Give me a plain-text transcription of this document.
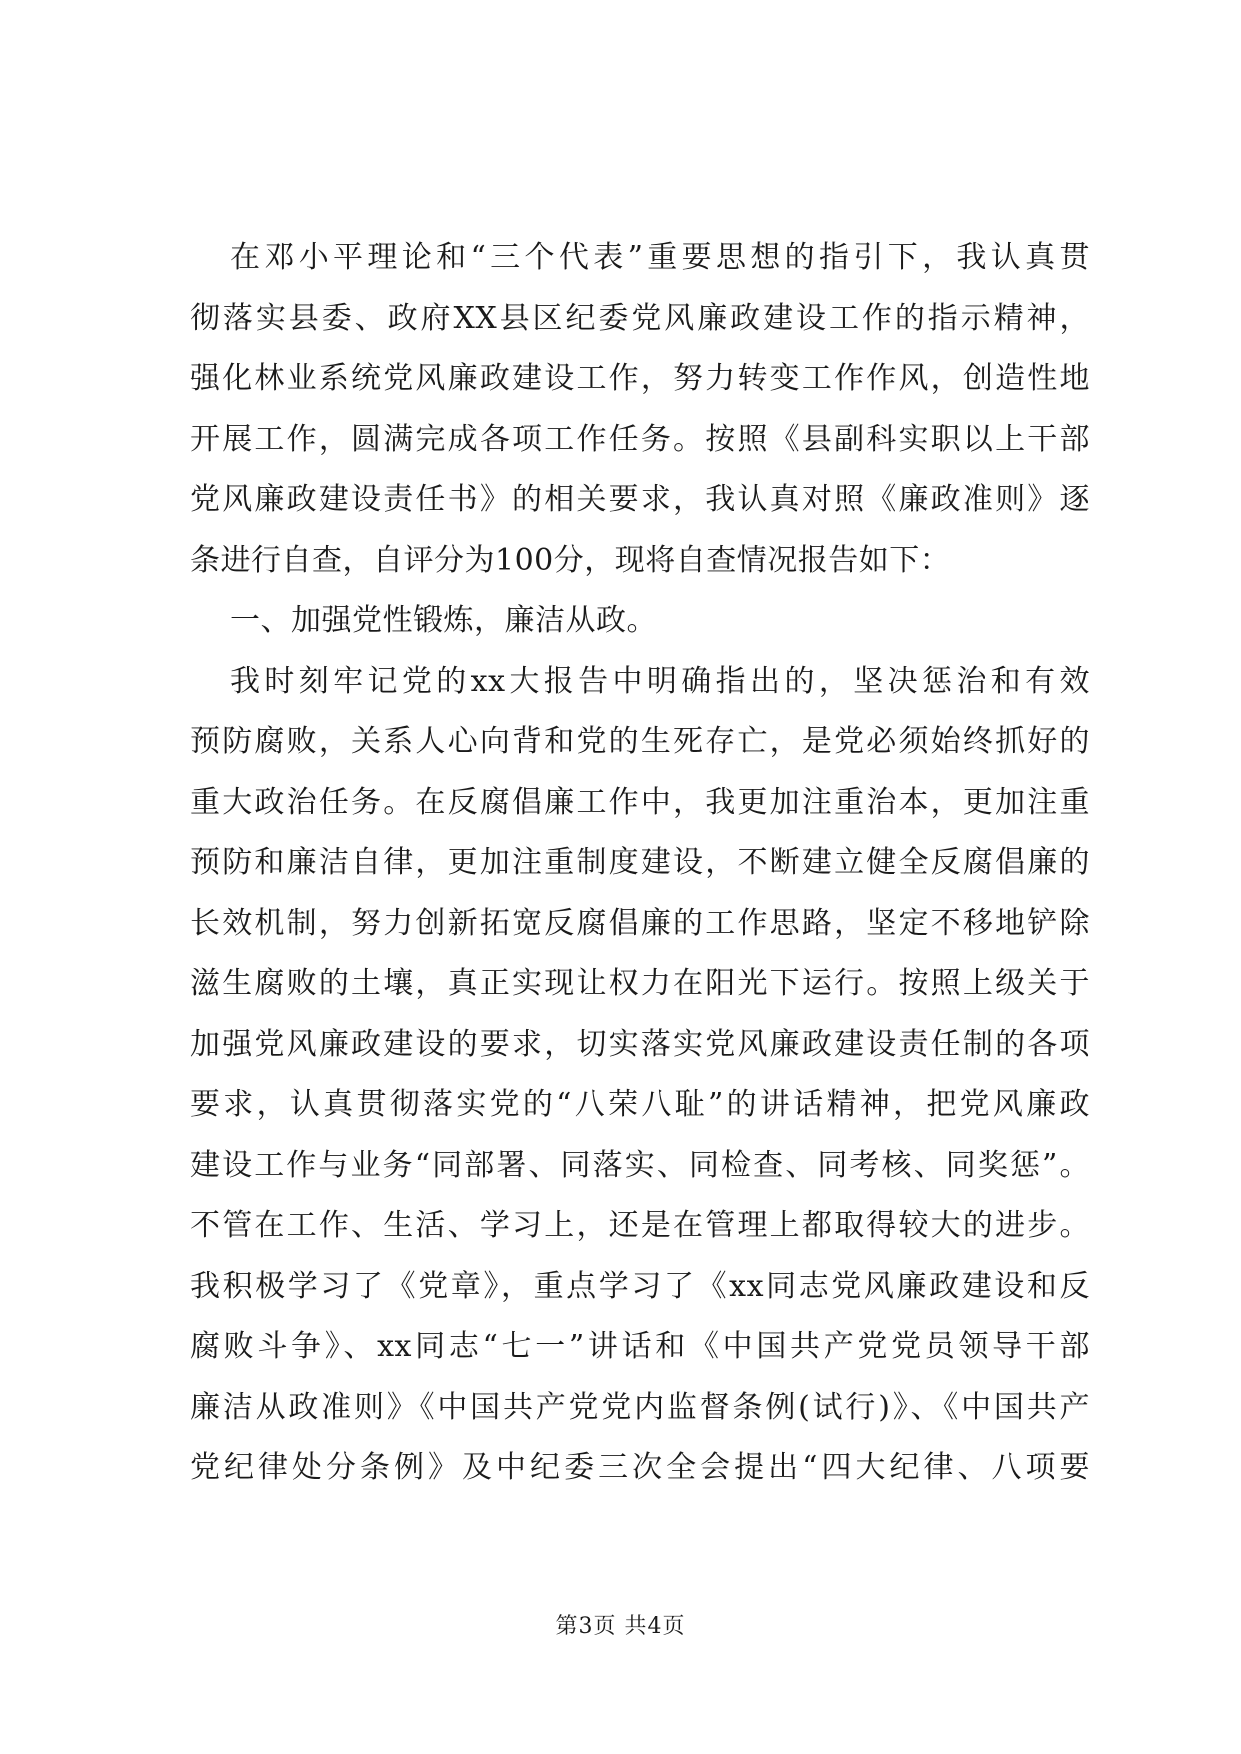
在邓小平理论和“三个代表”重要思想的指引下，我认真贯
彻落实县委、政府XX县区纪委党风廉政建设工作的指示精神，
强化林业系统党风廉政建设工作，努力转变工作作风，创造性地
开展工作，圆满完成各项工作任务。按照《县副科实职以上干部
党风廉政建设责任书》的相关要求，我认真对照《廉政准则》逐
条进行自查，自评分为100分，现将自查情况报告如下：
一、加强党性锻炼，廉洁从政。
我时刻牢记党的xx大报告中明确指出的，坚决惩治和有效
预防腐败，关系人心向背和党的生死存亡，是党必须始终抓好的
重大政治任务。在反腐倡廉工作中，我更加注重治本，更加注重
预防和廉洁自律，更加注重制度建设，不断建立健全反腐倡廉的
长效机制，努力创新拓宽反腐倡廉的工作思路，坚定不移地铲除
滋生腐败的土壤，真正实现让权力在阳光下运行。按照上级关于
加强党风廉政建设的要求，切实落实党风廉政建设责任制的各项
要求，认真贯彻落实党的“八荣八耻”的讲话精神，把党风廉政
建设工作与业务“同部署、同落实、同检查、同考核、同奖惩”。
不管在工作、生活、学习上，还是在管理上都取得较大的进步。
我积极学习了《党章》，重点学习了《xx同志党风廉政建设和反
腐败斗争》、xx同志“七一”讲话和《中国共产党党员领导干部
廉洁从政准则》《中国共产党党内监督条例(试行)》、《中国共产
党纪律处分条例》及中纪委三次全会提出“四大纪律、八项要
第3页 共4页
